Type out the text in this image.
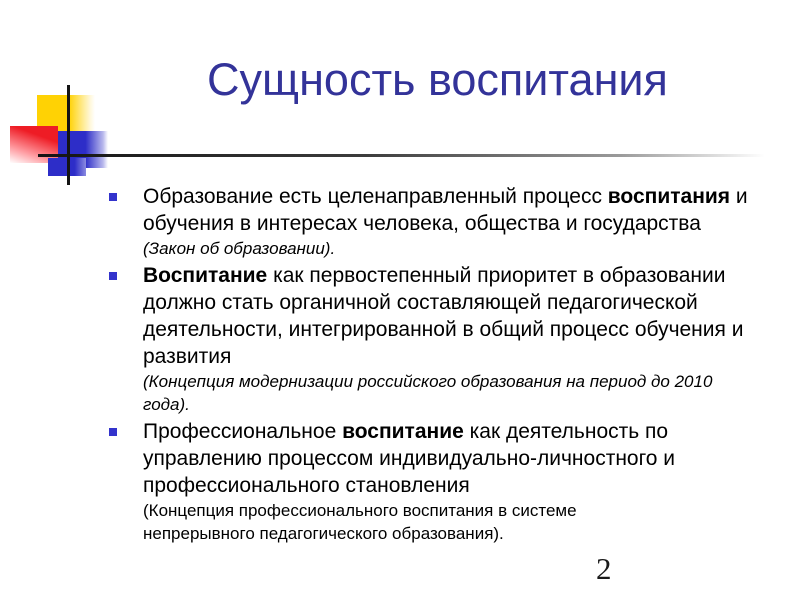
Сущность воспитания

Образование есть целенаправленный процесс воспитания и обучения в интересах человека, общества и государства

(Закон об образовании).

Воспитание как первостепенный приоритет в образовании должно стать органичной составляющей педагогической деятельности, интегрированной в общий процесс обучения и развития

(Концепция модернизации российского образования на период до 2010 года).

Профессиональное воспитание как деятельность по управлению процессом индивидуально-личностного и профессионального становления

(Концепция профессионального воспитания в системе непрерывного педагогического образования).

2
